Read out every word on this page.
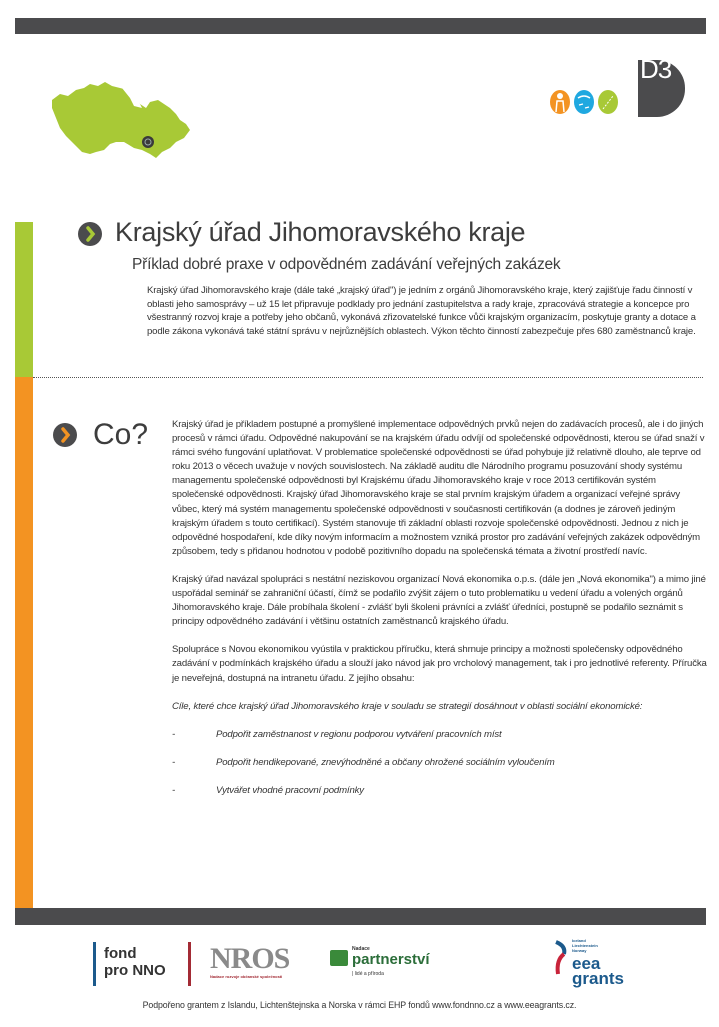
D3
Krajský úřad Jihomoravského kraje
Příklad dobré praxe v odpovědném zadávání veřejných zakázek
Krajský úřad Jihomoravského kraje (dále také „krajský úřad") je jedním z orgánů Jihomoravského kraje, který zajišťuje řadu činností v oblasti jeho samosprávy – už 15 let připravuje podklady pro jednání zastupitelstva a rady kraje, zpracovává strategie a koncepce pro všestranný rozvoj kraje a potřeby jeho občanů, vykonává zřizovatelské funkce vůči krajským organizacím, poskytuje granty a dotace a podle zákona vykonává také státní správu v nejrůznějších oblastech. Výkon těchto činností zabezpečuje přes 680 zaměstnanců kraje.
Co? Krajský úřad je příkladem postupné a promyšlené implementace odpovědných prvků nejen do zadávacích procesů, ale i do jiných procesů v rámci úřadu. Odpovědné nakupování se na krajském úřadu odvíjí od společenské odpovědnosti, kterou se úřad snaží v rámci svého fungování uplatňovat. V problematice společenské odpovědnosti se úřad pohybuje již relativně dlouho, ale teprve od roku 2013 o věcech uvažuje v nových souvislostech. Na základě auditu dle Národního programu posuzování shody systému managementu společenské odpovědnosti byl Krajskému úřadu Jihomoravského kraje v roce 2013 certifikován systém společenské odpovědnosti. Krajský úřad Jihomoravského kraje se stal prvním krajským úřadem a organizací veřejné správy vůbec, který má systém managementu společenské odpovědnosti v současnosti certifikován (a dodnes je zároveň jediným krajským úřadem s touto certifikací). Systém stanovuje tři základní oblasti rozvoje společenské odpovědnosti. Jednou z nich je odpovědné hospodaření, kde díky novým informacím a možnostem vzniká prostor pro zadávání veřejných zakázek odpovědným způsobem, tedy s přidanou hodnotou v podobě pozitivního dopadu na společenská témata a životní prostředí navíc.

Krajský úřad navázal spolupráci s nestátní neziskovou organizací Nová ekonomika o.p.s. (dále jen „Nová ekonomika") a mimo jiné uspořádal seminář se zahraniční účastí, čímž se podařilo zvýšit zájem o tuto problematiku u vedení úřadu a volených orgánů Jihomoravského kraje. Dále probíhala školení - zvlášť byli školeni právníci a zvlášť úředníci, postupně se podařilo seznámit s principy odpovědného zadávání i většinu ostatních zaměstnanců krajského úřadu.

Spolupráce s Novou ekonomikou vyústila v praktickou příručku, která shrnuje principy a možnosti společensky odpovědného zadávání v podmínkách krajského úřadu a slouží jako návod jak pro vrcholový management, tak i pro jednotlivé referenty. Příručka je neveřejná, dostupná na intranetu úřadu. Z jejího obsahu:

Cíle, které chce krajský úřad Jihomoravského kraje v souladu se strategií dosáhnout v oblasti sociální ekonomické:

-	Podpořit zaměstnanost v regionu podporou vytváření pracovních míst
-	Podpořit hendikepované, znevýhodněné a občany ohrožené sociálním vyloučením
-	Vytvářet vhodné pracovní podmínky
fond
pro NNO NROS
Nadace rozvoje občanské společnosti
Nadace
partnerství
| lidé a příroda
Iceland Liechtenstein Norway
eea
grants
Podpořeno grantem z Islandu, Lichtenštejnska a Norska v rámci EHP fondů www.fondnno.cz a www.eeagrants.cz.
